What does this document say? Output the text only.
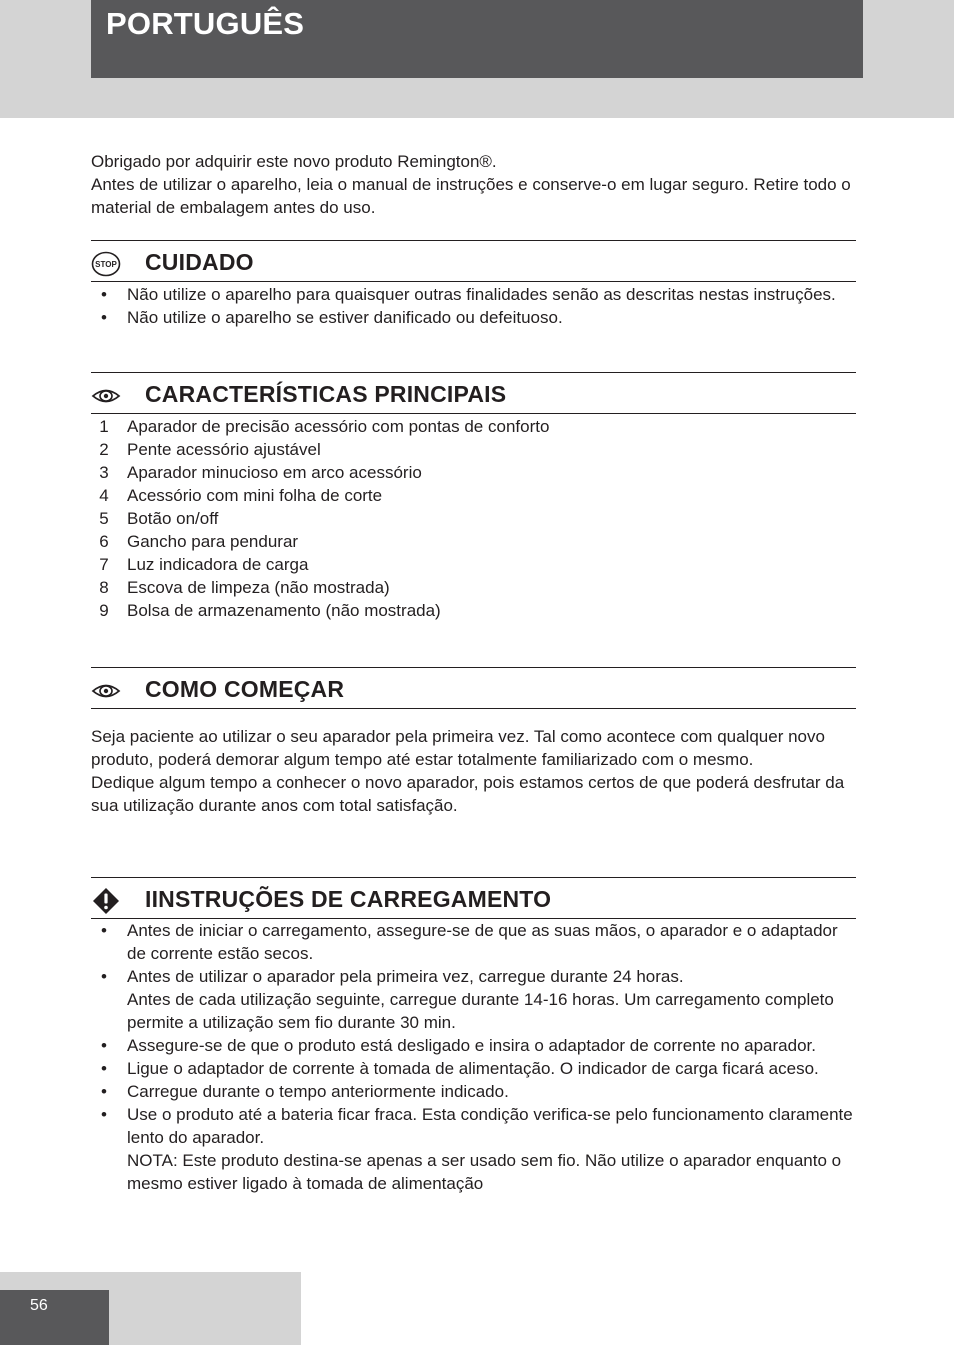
PORTUGUÊS

Obrigado por adquirir este novo produto Remington®.

Antes de utilizar o aparelho, leia o manual de instruções e conserve-o em lugar seguro. Retire todo o material de embalagem antes do uso.

STOP CUIDADO
•	Não utilize o aparelho para quaisquer outras finalidades senão as descritas nestas instruções.
•	Não utilize o aparelho se estiver danificado ou defeituoso.
CARACTERÍSTICAS PRINCIPAIS
1	Aparador de precisão acessório com pontas de conforto
2	Pente acessório ajustável
3	Aparador minucioso em arco acessório
4	Acessório com mini folha de corte
5	Botão on/off
6	Gancho para pendurar
7	Luz indicadora de carga
8	Escova de limpeza (não mostrada)
9	Bolsa de armazenamento (não mostrada)
COMO COMEÇAR

Seja paciente ao utilizar o seu aparador pela primeira vez. Tal como acontece com qualquer novo produto, poderá demorar algum tempo até estar totalmente familiarizado com o mesmo.

Dedique algum tempo a conhecer o novo aparador, pois estamos certos de que poderá desfrutar da sua utilização durante anos com total satisfação.

IINSTRUÇÕES DE CARREGAMENTO
•	Antes de iniciar o carregamento, assegure-se de que as suas mãos, o aparador e o adaptador de corrente estão secos.
•	Antes de utilizar o aparador pela primeira vez, carregue durante 24 horas.
Antes de cada utilização seguinte, carregue durante 14-16 horas. Um carregamento completo permite a utilização sem fio durante 30 min.
•	Assegure-se de que o produto está desligado e insira o adaptador de corrente no aparador.
•	Ligue o adaptador de corrente à tomada de alimentação. O indicador de carga ficará aceso.
•	Carregue durante o tempo anteriormente indicado.
•	Use o produto até a bateria ficar fraca. Esta condição verifica-se pelo funcionamento claramente lento do aparador.
NOTA: Este produto destina-se apenas a ser usado sem fio. Não utilize o aparador enquanto o mesmo estiver ligado à tomada de alimentação
56
